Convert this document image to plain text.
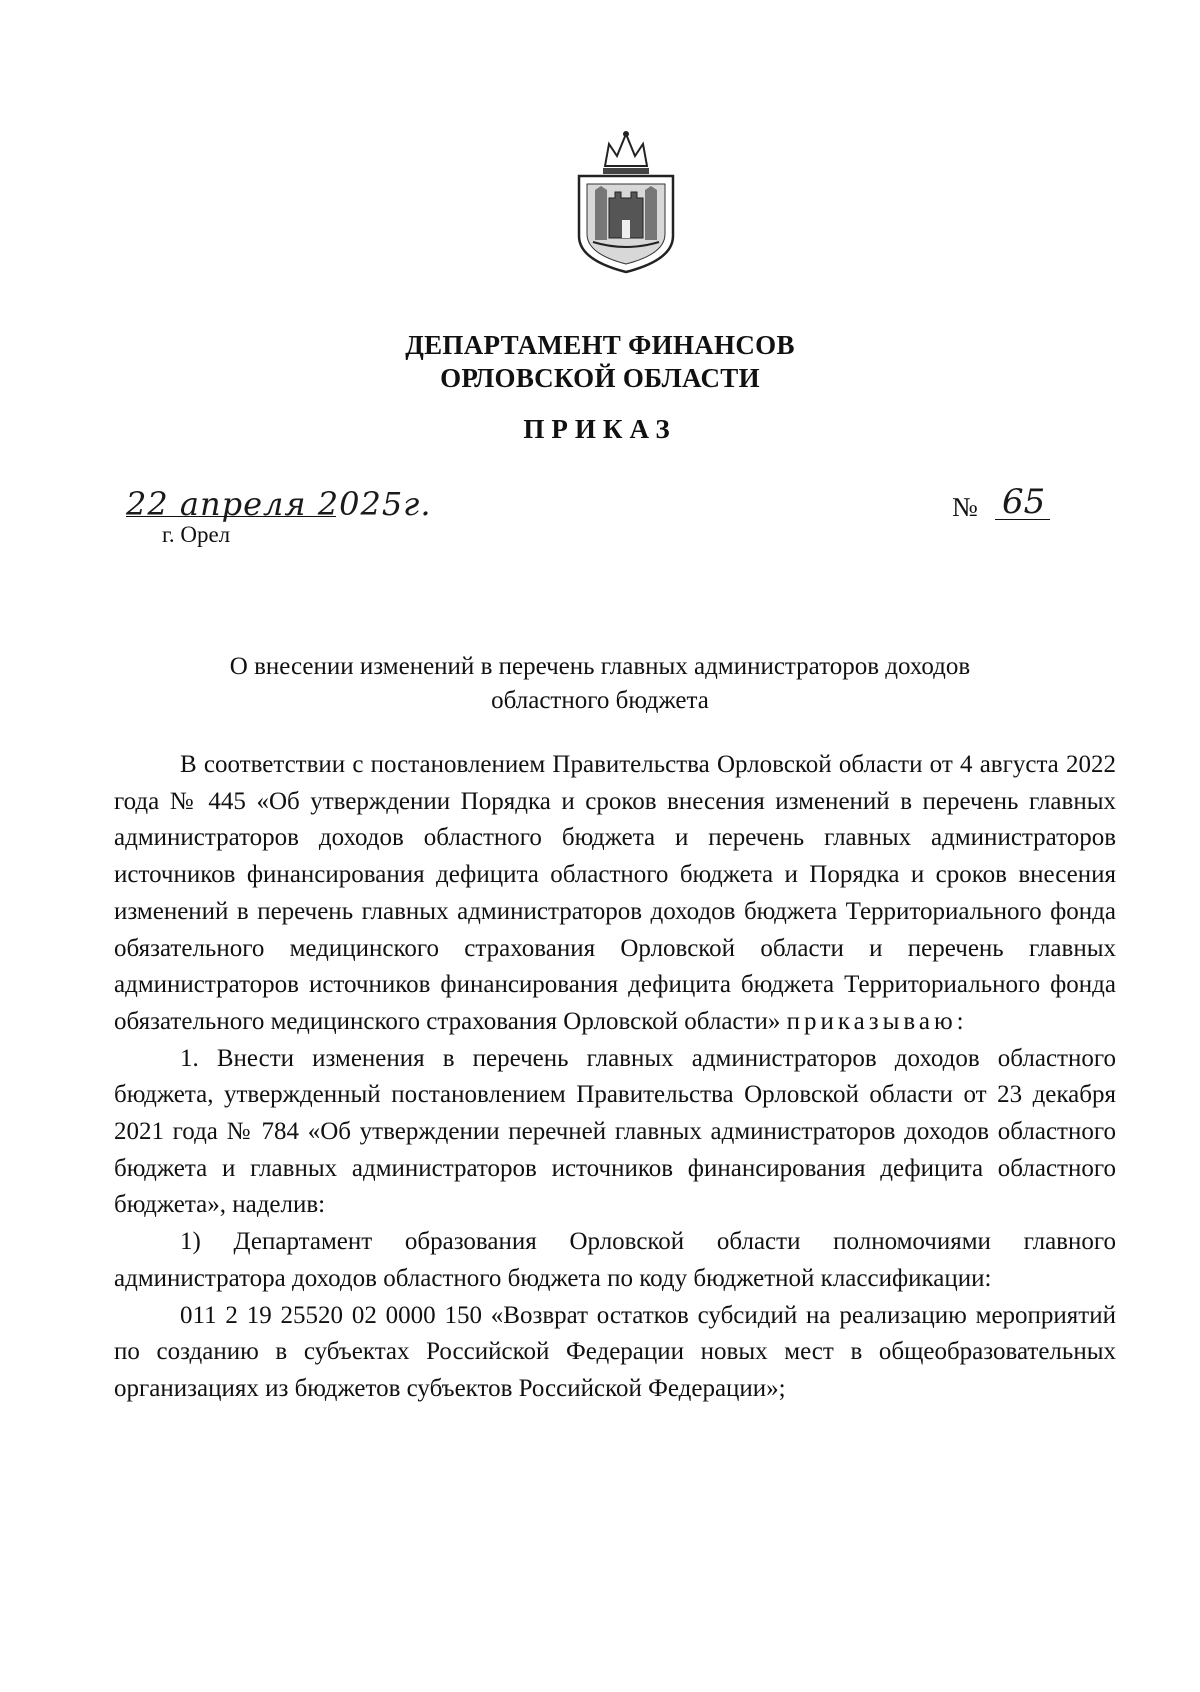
ДЕПАРТАМЕНТ ФИНАНСОВ
ОРЛОВСКОЙ ОБЛАСТИ
ПРИКАЗ
22 апреля 2025г.
г. Орел
№ 65
О внесении изменений в перечень главных администраторов доходов
областного бюджета

В соответствии с постановлением Правительства Орловской области от 4 августа 2022 года № 445 «Об утверждении Порядка и сроков внесения изменений в перечень главных администраторов доходов областного бюджета и перечень главных администраторов источников финансирования дефицита областного бюджета и Порядка и сроков внесения изменений в перечень главных администраторов доходов бюджета Территориального фонда обязательного медицинского страхования Орловской области и перечень главных администраторов источников финансирования дефицита бюджета Территориального фонда обязательного медицинского страхования Орловской области» приказываю:

1. Внести изменения в перечень главных администраторов доходов областного бюджета, утвержденный постановлением Правительства Орловской области от 23 декабря 2021 года № 784 «Об утверждении перечней главных администраторов доходов областного бюджета и главных администраторов источников финансирования дефицита областного бюджета», наделив:

1) Департамент образования Орловской области полномочиями главного администратора доходов областного бюджета по коду бюджетной классификации:

011 2 19 25520 02 0000 150 «Возврат остатков субсидий на реализацию мероприятий по созданию в субъектах Российской Федерации новых мест в общеобразовательных организациях из бюджетов субъектов Российской Федерации»;
